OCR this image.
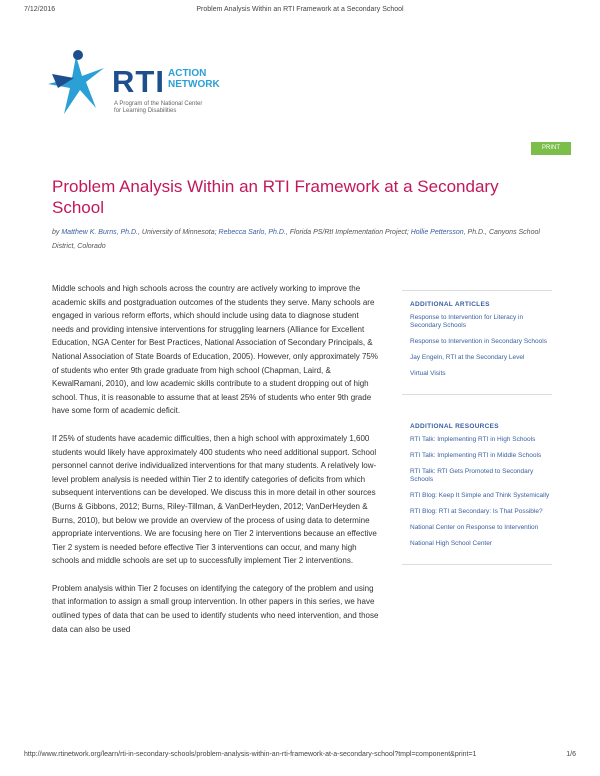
7/12/2016	Problem Analysis Within an RTI Framework at a Secondary School
RTI ACTION
NETWORK
A Program of the National Center
for Learning Disabilities
PRINT
Problem Analysis Within an RTI Framework at a Secondary School
by Matthew K. Burns, Ph.D., University of Minnesota; Rebecca Sarlo, Ph.D., Florida PS/RtI Implementation Project; Hollie Pettersson, Ph.D., Canyons School District, Colorado

Middle schools and high schools across the country are actively working to improve the academic skills and postgraduation outcomes of the students they serve. Many schools are engaged in various reform efforts, which should include using data to diagnose student needs and providing intensive interventions for struggling learners (Alliance for Excellent Education, NGA Center for Best Practices, National Association of Secondary Principals, & National Association of State Boards of Education, 2005). However, only approximately 75% of students who enter 9th grade graduate from high school (Chapman, Laird, & KewalRamani, 2010), and low academic skills contribute to a student dropping out of high school. Thus, it is reasonable to assume that at least 25% of students who enter 9th grade have some form of academic deficit.

If 25% of students have academic difficulties, then a high school with approximately 1,600 students would likely have approximately 400 students who need additional support. School personnel cannot derive individualized interventions for that many students. A relatively low-level problem analysis is needed within Tier 2 to identify categories of deficits from which subsequent interventions can be developed. We discuss this in more detail in other sources (Burns & Gibbons, 2012; Burns, Riley-Tillman, & VanDerHeyden, 2012; VanDerHeyden & Burns, 2010), but below we provide an overview of the process of using data to determine appropriate interventions. We are focusing here on Tier 2 interventions because an effective Tier 2 system is needed before effective Tier 3 interventions can occur, and many high schools and middle schools are set up to successfully implement Tier 2 interventions.

Problem analysis within Tier 2 focuses on identifying the category of the problem and using that information to assign a small group intervention. In other papers in this series, we have outlined types of data that can be used to identify students who need intervention, and those data can also be used

ADDITIONAL ARTICLES
Response to Intervention for Literacy in Secondary Schools
Response to Intervention in Secondary Schools
Jay Engeln, RTI at the Secondary Level
Virtual Visits
ADDITIONAL RESOURCES
RTI Talk: Implementing RTI in High Schools
RTI Talk: Implementing RTI in Middle Schools
RTI Talk: RTI Gets Promoted to Secondary Schools
RTI Blog: Keep It Simple and Think Systemically
RTI Blog: RTI at Secondary: Is That Possible?
National Center on Response to Intervention
National High School Center
http://www.rtinetwork.org/learn/rti-in-secondary-schools/problem-analysis-within-an-rti-framework-at-a-secondary-school?tmpl=component&print=1	1/6
